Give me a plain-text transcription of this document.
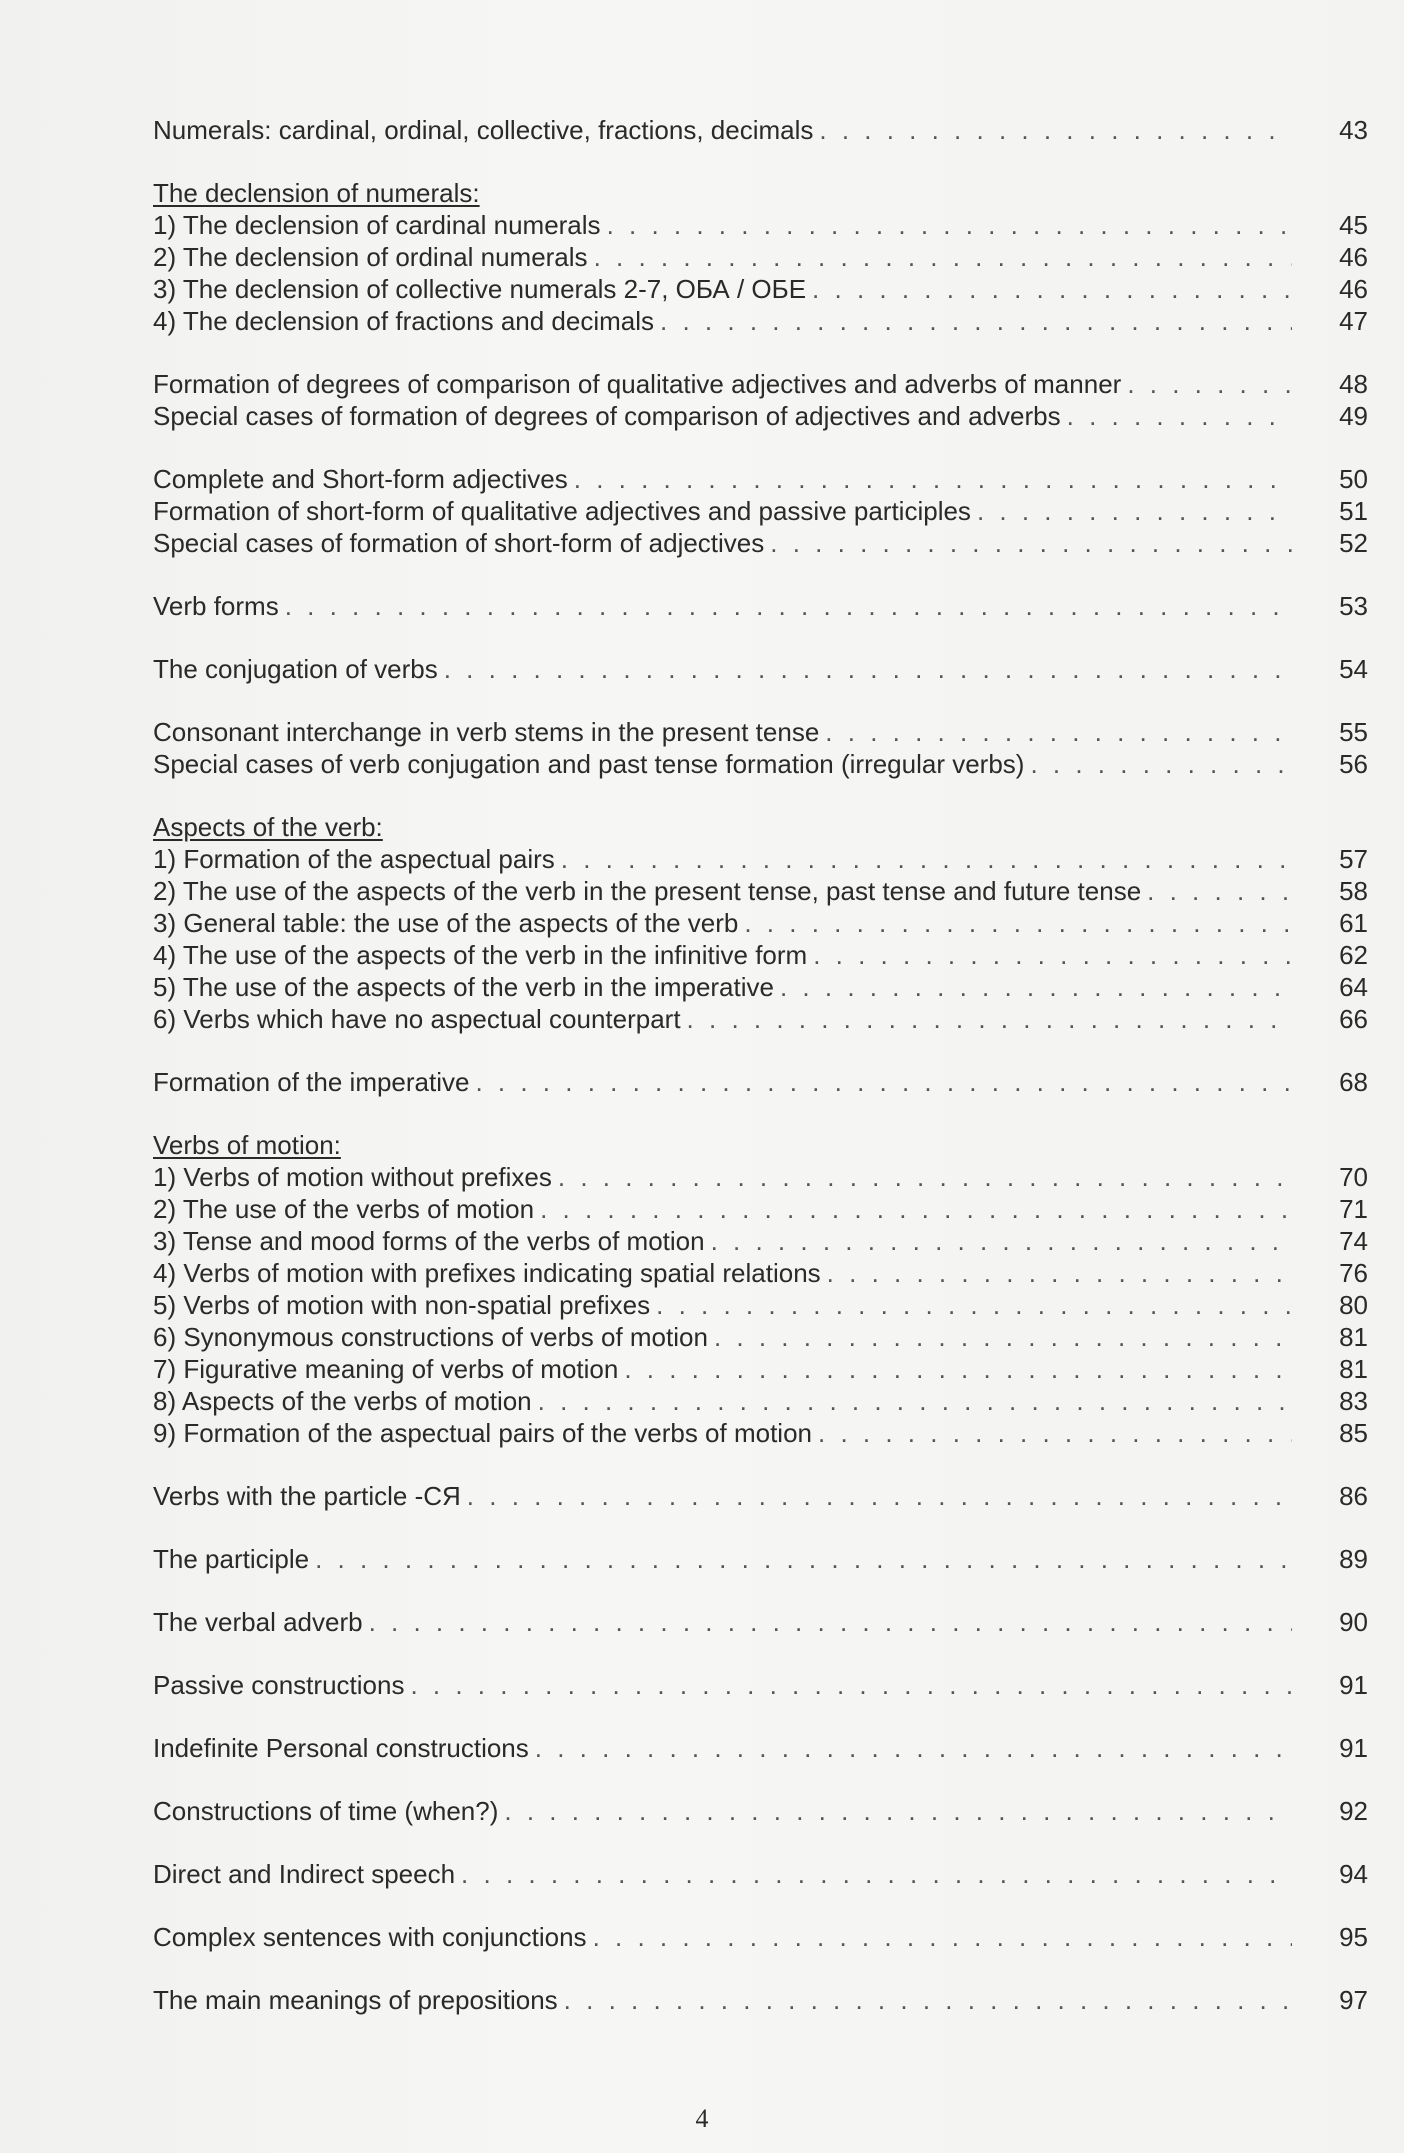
Numerals: cardinal, ordinal, collective, fractions, decimals . . .	43
The declension of numerals:
1) The declension of cardinal numerals . . .	45
2) The declension of ordinal numerals . . .	46
3) The declension of collective numerals 2-7, ОБА / ОБЕ . . .	46
4) The declension of fractions and decimals . . .	47
Formation of degrees of comparison of qualitative adjectives and adverbs of manner . . .	48
Special cases of formation of degrees of comparison of adjectives and adverbs . . .	49
Complete and Short-form adjectives . . .	50
Formation of short-form of qualitative adjectives and passive participles . . .	51
Special cases of formation of short-form of adjectives . . .	52
Verb forms . . .	53
The conjugation of verbs . . .	54
Consonant interchange in verb stems in the present tense . . .	55
Special cases of verb conjugation and past tense formation (irregular verbs) . . .	56
Aspects of the verb:
1) Formation of the aspectual pairs . . .	57
2) The use of the aspects of the verb in the present tense, past tense and future tense . . .	58
3) General table: the use of the aspects of the verb . . .	61
4) The use of the aspects of the verb in the infinitive form . . .	62
5) The use of the aspects of the verb in the imperative . . .	64
6) Verbs which have no aspectual counterpart . . .	66
Formation of the imperative . . .	68
Verbs of motion:
1) Verbs of motion without prefixes . . .	70
2) The use of the verbs of motion . . .	71
3) Tense and mood forms of the verbs of motion . . .	74
4) Verbs of motion with prefixes indicating spatial relations . . .	76
5) Verbs of motion with non-spatial prefixes . . .	80
6) Synonymous constructions of verbs of motion . . .	81
7) Figurative meaning of verbs of motion . . .	81
8) Aspects of the verbs of motion . . .	83
9) Formation of the aspectual pairs of the verbs of motion . . .	85
Verbs with the particle -СЯ . . .	86
The participle . . .	89
The verbal adverb . . .	90
Passive constructions . . .	91
Indefinite Personal constructions . . .	91
Constructions of time (when?) . . .	92
Direct and Indirect speech . . .	94
Complex sentences with conjunctions . . .	95
The main meanings of prepositions . . .	97
4
